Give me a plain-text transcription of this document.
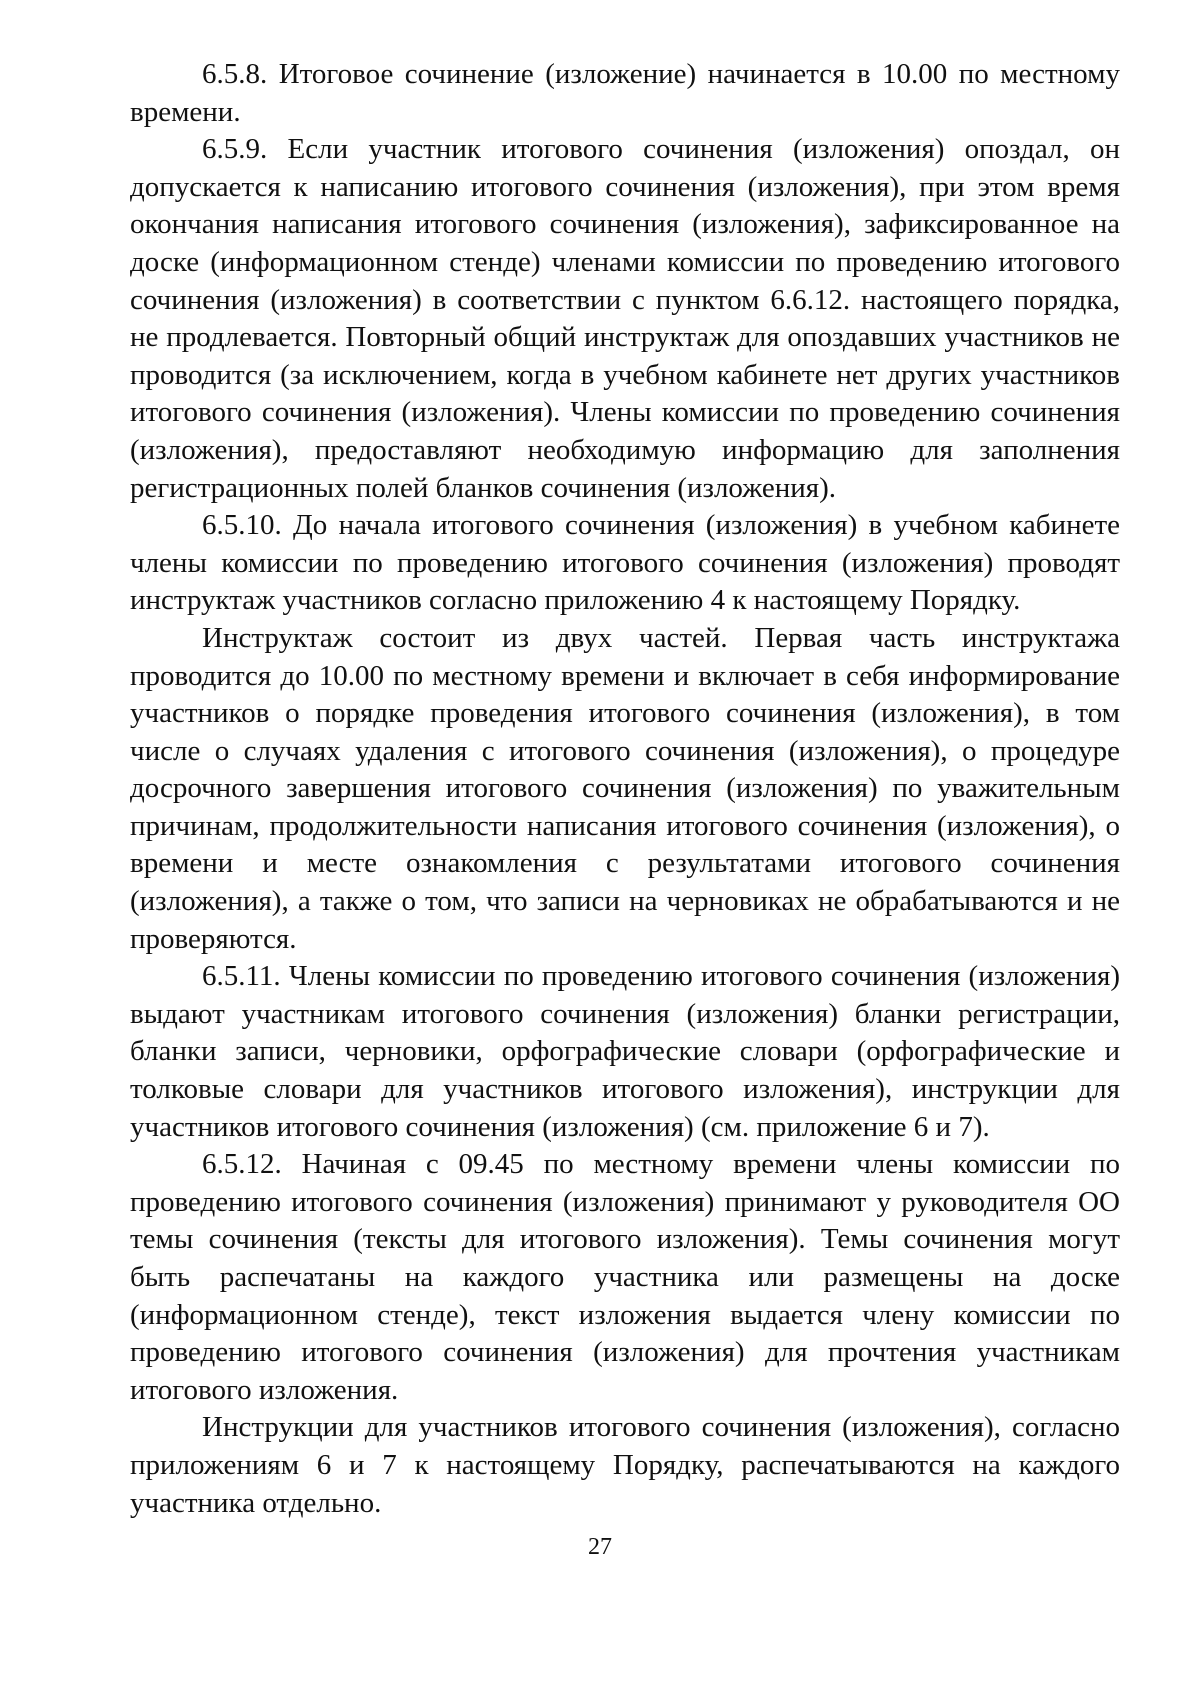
6.5.8. Итоговое сочинение (изложение) начинается в 10.00 по местному времени.

6.5.9. Если участник итогового сочинения (изложения) опоздал, он допускается к написанию итогового сочинения (изложения), при этом время окончания написания итогового сочинения (изложения), зафиксированное на доске (информационном стенде) членами комиссии по проведению итогового сочинения (изложения) в соответствии с пунктом 6.6.12. настоящего порядка, не продлевается. Повторный общий инструктаж для опоздавших участников не проводится (за исключением, когда в учебном кабинете нет других участников итогового сочинения (изложения). Члены комиссии по проведению сочинения (изложения), предоставляют необходимую информацию для заполнения регистрационных полей бланков сочинения (изложения).

6.5.10. До начала итогового сочинения (изложения) в учебном кабинете члены комиссии по проведению итогового сочинения (изложения) проводят инструктаж участников согласно приложению 4 к настоящему Порядку.

Инструктаж состоит из двух частей. Первая часть инструктажа проводится до 10.00 по местному времени и включает в себя информирование участников о порядке проведения итогового сочинения (изложения), в том числе о случаях удаления с итогового сочинения (изложения), о процедуре досрочного завершения итогового сочинения (изложения) по уважительным причинам, продолжительности написания итогового сочинения (изложения), о времени и месте ознакомления с результатами итогового сочинения (изложения), а также о том, что записи на черновиках не обрабатываются и не проверяются.

6.5.11. Члены комиссии по проведению итогового сочинения (изложения) выдают участникам итогового сочинения (изложения) бланки регистрации, бланки записи, черновики, орфографические словари (орфографические и толковые словари для участников итогового изложения), инструкции для участников итогового сочинения (изложения) (см. приложение 6 и 7).

6.5.12. Начиная с 09.45 по местному времени члены комиссии по проведению итогового сочинения (изложения) принимают у руководителя ОО темы сочинения (тексты для итогового изложения). Темы сочинения могут быть распечатаны на каждого участника или размещены на доске (информационном стенде), текст изложения выдается члену комиссии по проведению итогового сочинения (изложения) для прочтения участникам итогового изложения.

Инструкции для участников итогового сочинения (изложения), согласно приложениям 6 и 7 к настоящему Порядку, распечатываются на каждого участника отдельно.

27
